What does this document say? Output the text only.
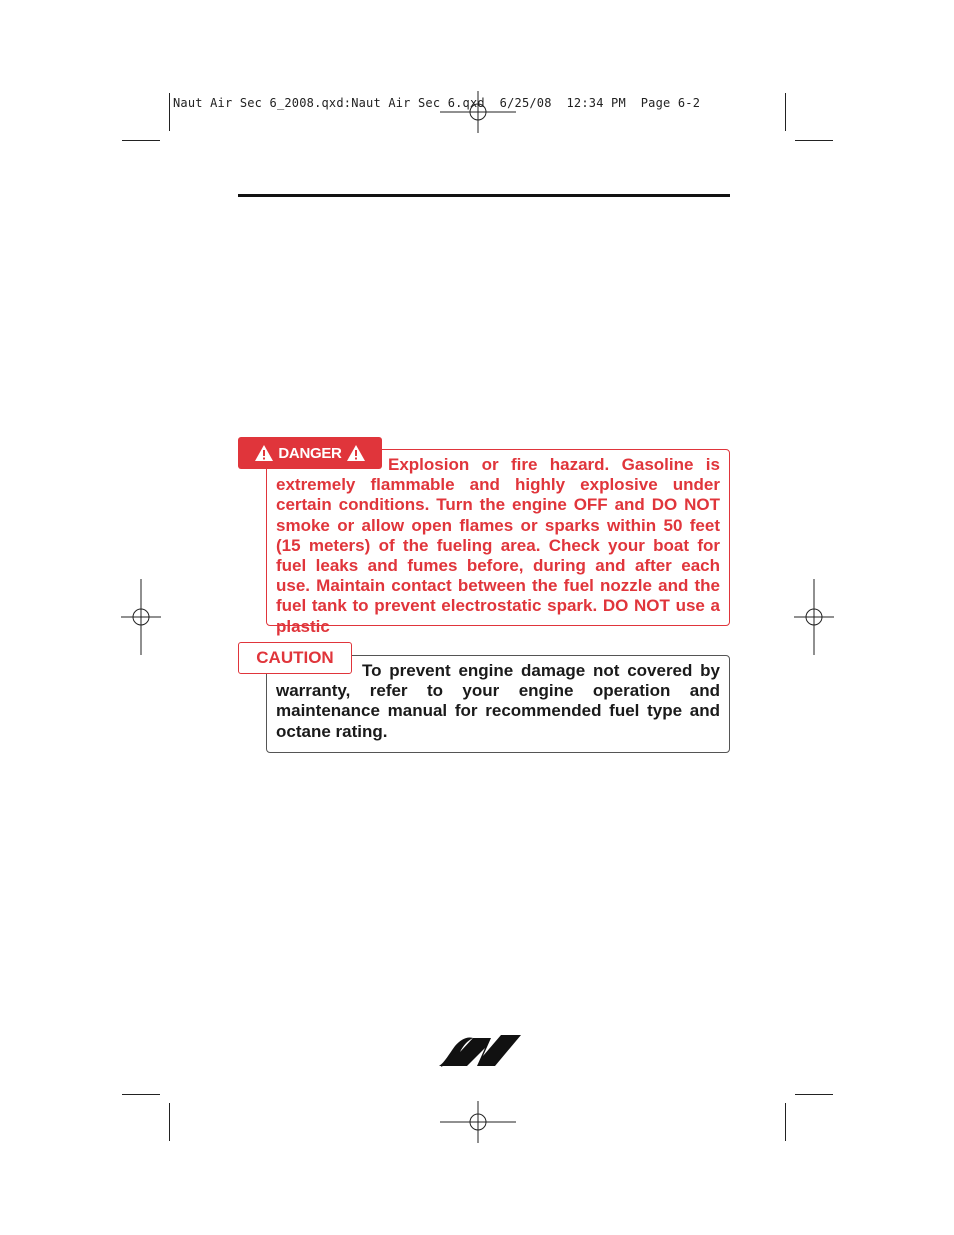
Naut Air Sec 6_2008.qxd:Naut Air Sec 6.qxd  6/25/08  12:34 PM  Page 6-2

Explosion or fire hazard. Gasoline is extremely flammable and highly explosive under certain conditions. Turn the engine OFF and DO NOT smoke or allow open flames or sparks within 50 feet (15 meters) of the fueling area. Check your boat for fuel leaks and fumes before, during and after each use. Maintain contact between the fuel nozzle and the fuel tank to prevent electrostatic spark. DO NOT use a plastic

DANGER

To prevent engine damage not covered by warranty, refer to your engine operation and maintenance manual for recommended fuel type and octane rating.

CAUTION
